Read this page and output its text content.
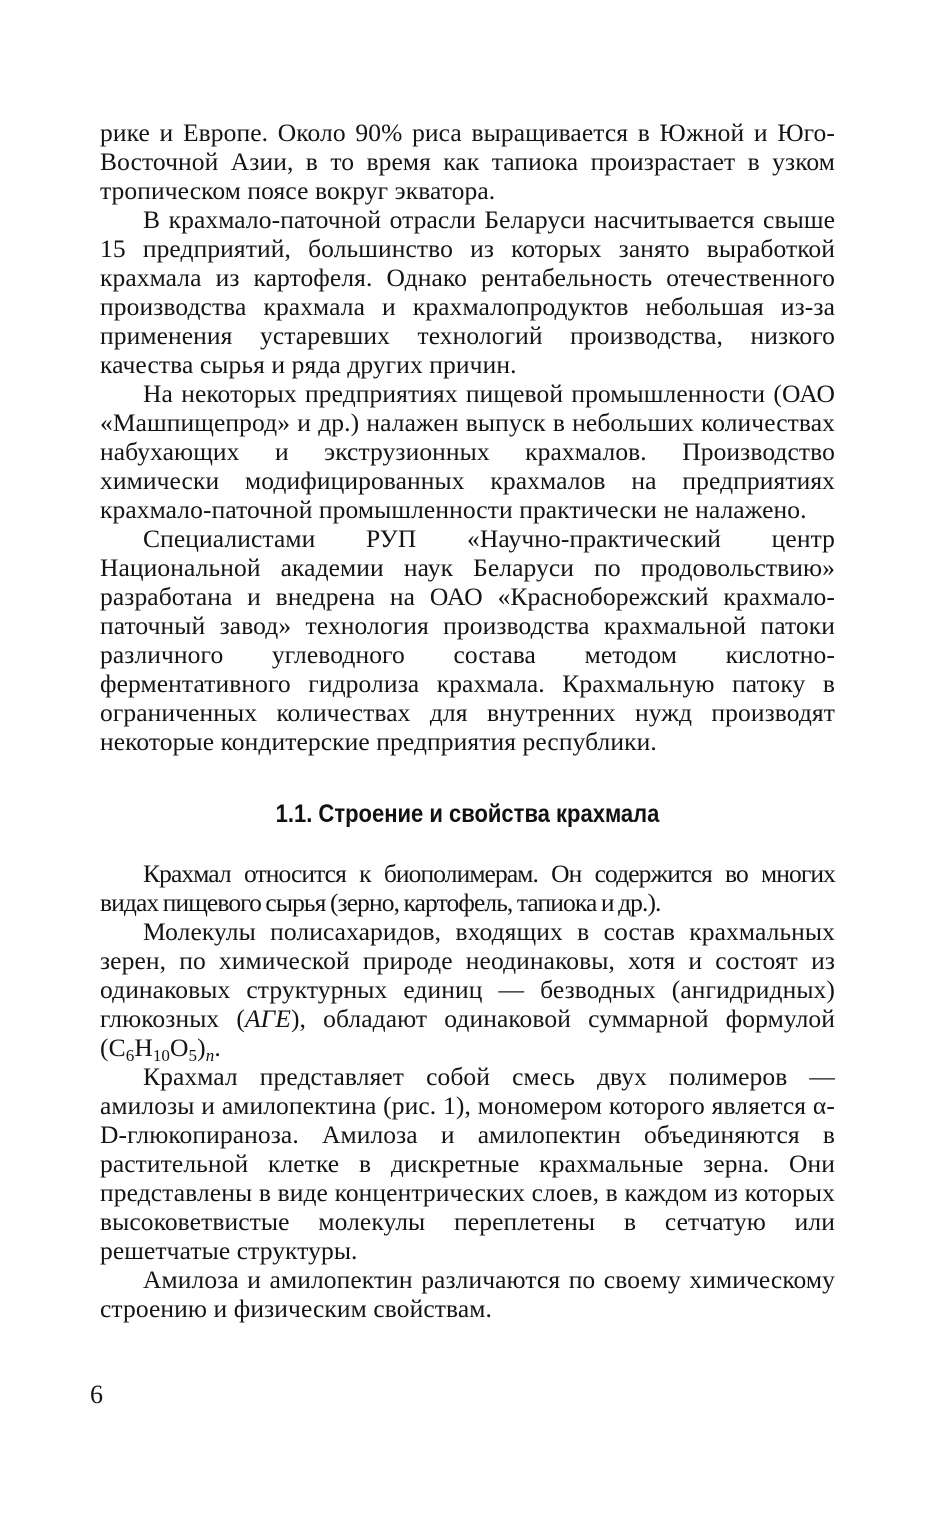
рике и Европе. Около 90% риса выращивается в Южной и Юго-Восточной Азии, в то время как тапиока произрастает в узком тропическом поясе вокруг экватора.

В крахмало-паточной отрасли Беларуси насчитывается свыше 15 предприятий, большинство из которых занято выработкой крахмала из картофеля. Однако рентабельность отечественного производства крахмала и крахмалопродуктов небольшая из-за применения устаревших технологий производства, низкого качества сырья и ряда других причин.

На некоторых предприятиях пищевой промышленности (ОАО «Машпищепрод» и др.) налажен выпуск в небольших количествах набухающих и экструзионных крахмалов. Производство химически модифицированных крахмалов на предприятиях крахмало-паточной промышленности практически не налажено.

Специалистами РУП «Научно-практический центр Национальной академии наук Беларуси по продовольствию» разработана и внедрена на ОАО «Красноборежский крахмало-паточный завод» технология производства крахмальной патоки различного углеводного состава методом кислотно-ферментативного гидролиза крахмала. Крахмальную патоку в ограниченных количествах для внутренних нужд производят некоторые кондитерские предприятия республики.

1.1. Строение и свойства крахмала

Крахмал относится к биополимерам. Он содержится во многих видах пищевого сырья (зерно, картофель, тапиока и др.).

Молекулы полисахаридов, входящих в состав крахмальных зерен, по химической природе неодинаковы, хотя и состоят из одинаковых структурных единиц — безводных (ангидридных) глюкозных (АГЕ), обладают одинаковой суммарной формулой $(C_6H_{10}O_5)_n$.

Крахмал представляет собой смесь двух полимеров — амилозы и амилопектина (рис. 1), мономером которого является α-D-глюкопираноза. Амилоза и амилопектин объединяются в растительной клетке в дискретные крахмальные зерна. Они представлены в виде концентрических слоев, в каждом из которых высоковетвистые молекулы переплетены в сетчатую или решетчатые структуры.

Амилоза и амилопектин различаются по своему химическому строению и физическим свойствам.

6
